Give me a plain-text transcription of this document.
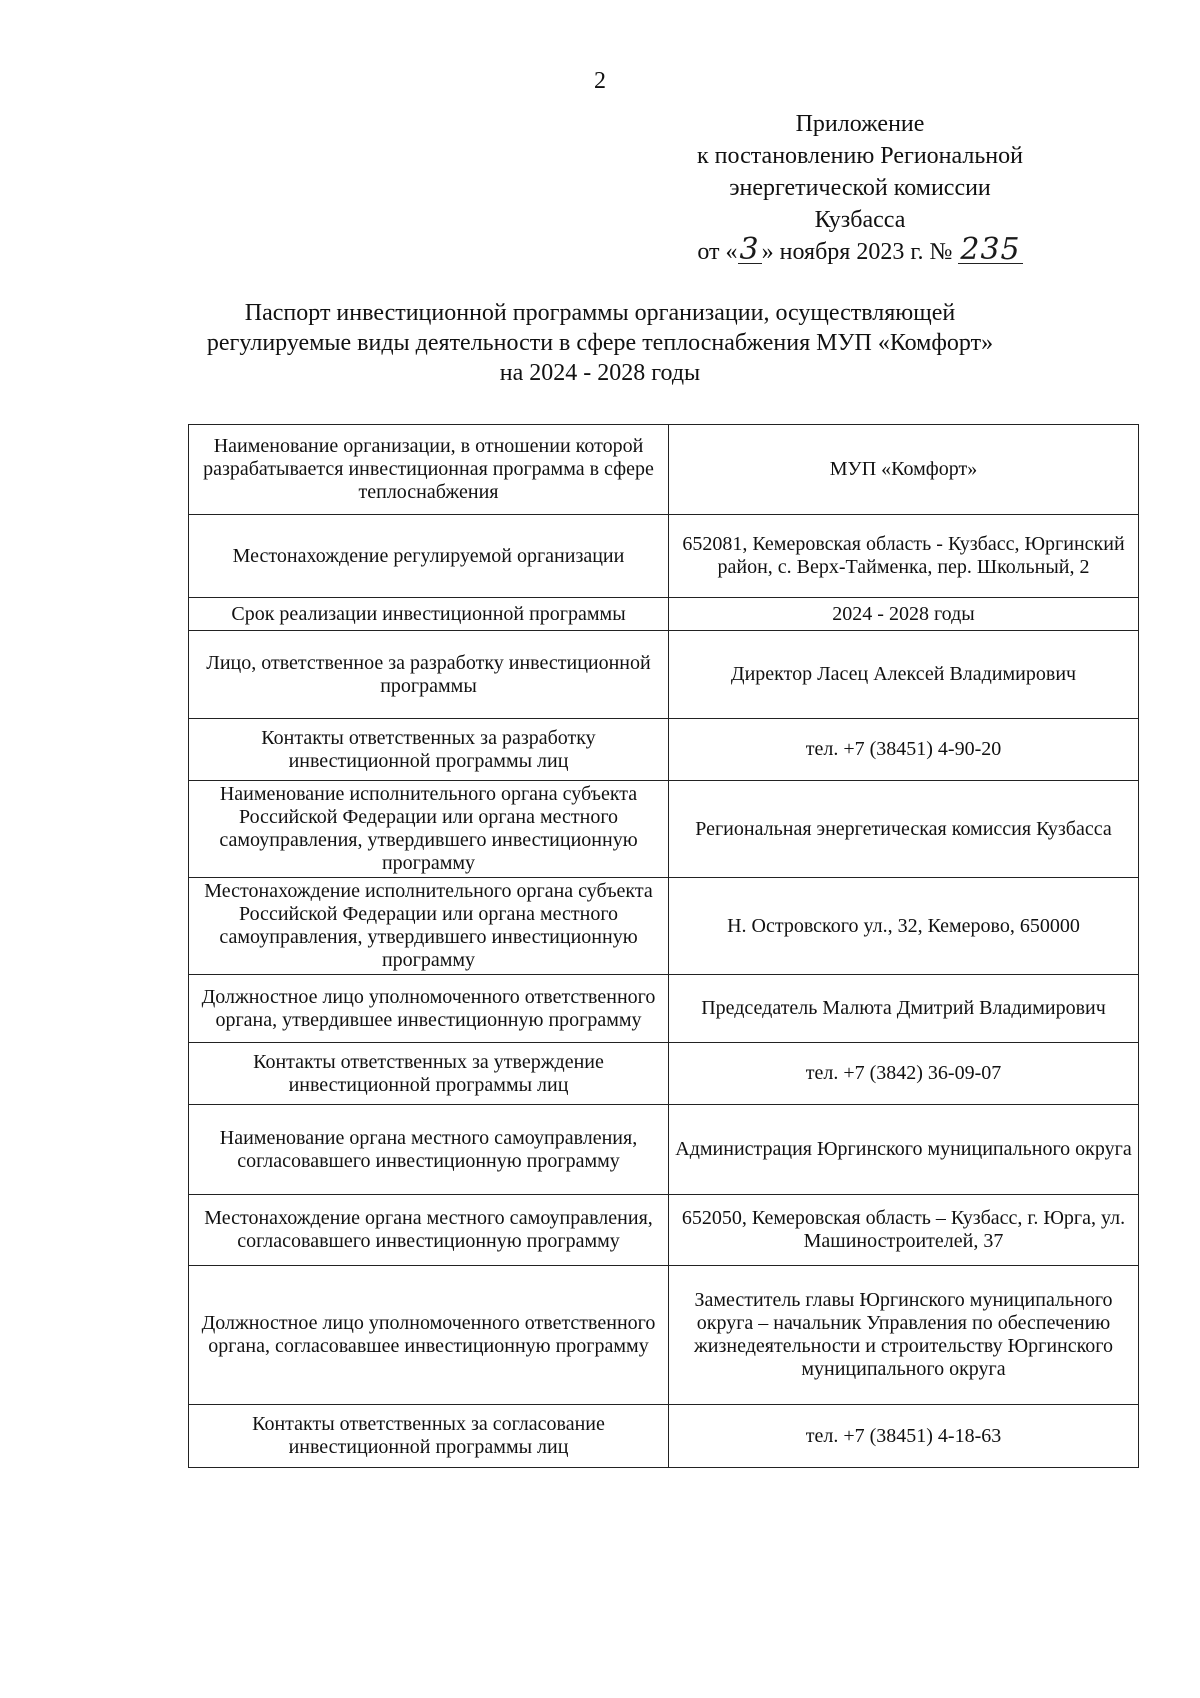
2
Приложение
к постановлению Региональной
энергетической комиссии
Кузбасса
от «3» ноября 2023 г. № 235
Паспорт инвестиционной программы организации, осуществляющей
регулируемые виды деятельности в сфере теплоснабжения МУП «Комфорт»
на 2024 - 2028 годы
Наименование организации, в отношении которой разрабатывается инвестиционная программа в сфере теплоснабжения	МУП «Комфорт»
Местонахождение регулируемой организации	652081, Кемеровская область - Кузбасс, Юргинский район, с. Верх-Тайменка, пер. Школьный, 2
Срок реализации инвестиционной программы	2024 - 2028 годы
Лицо, ответственное за разработку инвестиционной программы	Директор Ласец Алексей Владимирович
Контакты ответственных за разработку инвестиционной программы лиц	тел. +7 (38451) 4-90-20
Наименование исполнительного органа субъекта Российской Федерации или органа местного самоуправления, утвердившего инвестиционную программу	Региональная энергетическая комиссия Кузбасса
Местонахождение исполнительного органа субъекта Российской Федерации или органа местного самоуправления, утвердившего инвестиционную программу	Н. Островского ул., 32, Кемерово, 650000
Должностное лицо уполномоченного ответственного органа, утвердившее инвестиционную программу	Председатель Малюта Дмитрий Владимирович
Контакты ответственных за утверждение инвестиционной программы лиц	тел. +7 (3842) 36-09-07
Наименование органа местного самоуправления, согласовавшего инвестиционную программу	Администрация Юргинского муниципального округа
Местонахождение органа местного самоуправления, согласовавшего инвестиционную программу	652050, Кемеровская область – Кузбасс, г. Юрга, ул. Машиностроителей, 37
Должностное лицо уполномоченного ответственного органа, согласовавшее инвестиционную программу	Заместитель главы Юргинского муниципального округа – начальник Управления по обеспечению жизнедеятельности и строительству Юргинского муниципального округа
Контакты ответственных за согласование инвестиционной программы лиц	тел. +7 (38451) 4-18-63
